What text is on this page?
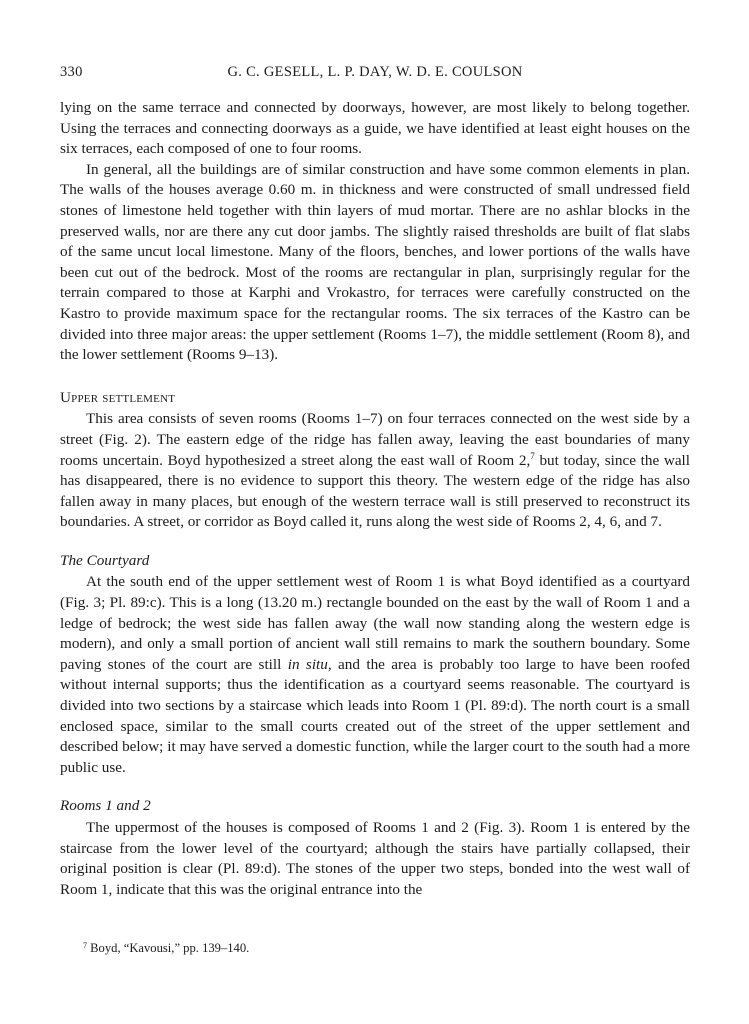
330	G. C. GESELL, L. P. DAY, W. D. E. COULSON

lying on the same terrace and connected by doorways, however, are most likely to belong together. Using the terraces and connecting doorways as a guide, we have identified at least eight houses on the six terraces, each composed of one to four rooms.

In general, all the buildings are of similar construction and have some common elements in plan. The walls of the houses average 0.60 m. in thickness and were constructed of small undressed field stones of limestone held together with thin layers of mud mortar. There are no ashlar blocks in the preserved walls, nor are there any cut door jambs. The slightly raised thresholds are built of flat slabs of the same uncut local limestone. Many of the floors, benches, and lower portions of the walls have been cut out of the bedrock. Most of the rooms are rectangular in plan, surprisingly regular for the terrain compared to those at Karphi and Vrokastro, for terraces were carefully constructed on the Kastro to provide maximum space for the rectangular rooms. The six terraces of the Kastro can be divided into three major areas: the upper settlement (Rooms 1–7), the middle settlement (Room 8), and the lower settlement (Rooms 9–13).

Upper settlement

This area consists of seven rooms (Rooms 1–7) on four terraces connected on the west side by a street (Fig. 2). The eastern edge of the ridge has fallen away, leaving the east boundaries of many rooms uncertain. Boyd hypothesized a street along the east wall of Room 2,$^7$ but today, since the wall has disappeared, there is no evidence to support this theory. The western edge of the ridge has also fallen away in many places, but enough of the western terrace wall is still preserved to reconstruct its boundaries. A street, or corridor as Boyd called it, runs along the west side of Rooms 2, 4, 6, and 7.

The Courtyard

At the south end of the upper settlement west of Room 1 is what Boyd identified as a courtyard (Fig. 3; Pl. 89:c). This is a long (13.20 m.) rectangle bounded on the east by the wall of Room 1 and a ledge of bedrock; the west side has fallen away (the wall now standing along the western edge is modern), and only a small portion of ancient wall still remains to mark the southern boundary. Some paving stones of the court are still in situ, and the area is probably too large to have been roofed without internal supports; thus the identification as a courtyard seems reasonable. The courtyard is divided into two sections by a staircase which leads into Room 1 (Pl. 89:d). The north court is a small enclosed space, similar to the small courts created out of the street of the upper settlement and described below; it may have served a domestic function, while the larger court to the south had a more public use.

Rooms 1 and 2

The uppermost of the houses is composed of Rooms 1 and 2 (Fig. 3). Room 1 is entered by the staircase from the lower level of the courtyard; although the stairs have partially collapsed, their original position is clear (Pl. 89:d). The stones of the upper two steps, bonded into the west wall of Room 1, indicate that this was the original entrance into the

$^7$ Boyd, “Kavousi,” pp. 139–140.
